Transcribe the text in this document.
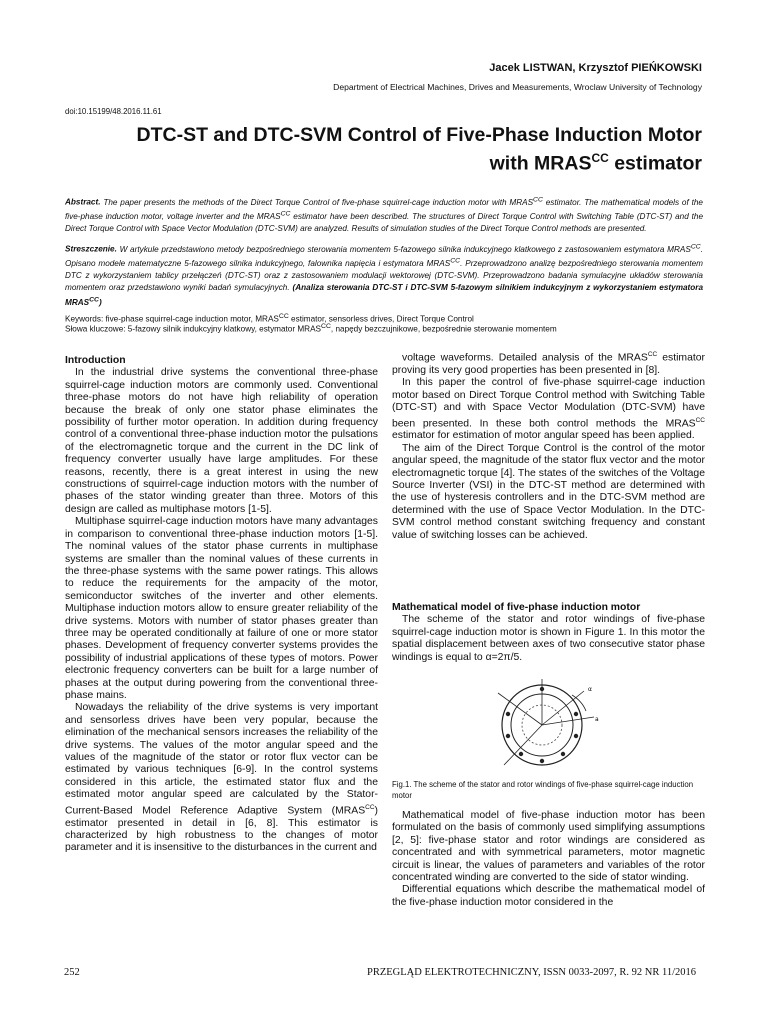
Jacek LISTWAN, Krzysztof PIEŃKOWSKI
Department of Electrical Machines, Drives and Measurements, Wroclaw University of Technology
doi:10.15199/48.2016.11.61
DTC-ST and DTC-SVM Control of Five-Phase Induction Motor
with $MRAS^{CC}$ estimator
Abstract. The paper presents the methods of the Direct Torque Control of five-phase squirrel-cage induction motor with $MRAS^{CC}$ estimator. The mathematical models of the five-phase induction motor, voltage inverter and the $MRAS^{CC}$ estimator have been described. The structures of Direct Torque Control with Switching Table (DTC-ST) and the Direct Torque Control with Space Vector Modulation (DTC-SVM) are analyzed. Results of simulation studies of the Direct Torque Control methods are presented.
Streszczenie. W artykule przedstawiono metody bezpośredniego sterowania momentem 5-fazowego silnika indukcyjnego klatkowego z zastosowaniem estymatora $MRAS^{CC}$. Opisano modele matematyczne 5-fazowego silnika indukcyjnego, falownika napięcia i estymatora $MRAS^{CC}$. Przeprowadzono analizę bezpośredniego sterowania momentem DTC z wykorzystaniem tablicy przełączeń (DTC-ST) oraz z zastosowaniem modulacji wektorowej (DTC-SVM). Przeprowadzono badania symulacyjne układów sterowania momentem oraz przedstawiono wyniki badań symulacyjnych. (Analiza sterowania DTC-ST i DTC-SVM 5-fazowym silnikiem indukcyjnym z wykorzystaniem estymatora $MRAS^{CC}$)
Keywords: five-phase squirrel-cage induction motor, $MRAS^{CC}$ estimator, sensorless drives, Direct Torque Control
Słowa kluczowe: 5-fazowy silnik indukcyjny klatkowy, estymator $MRAS^{CC}$, napędy bezczujnikowe, bezpośrednie sterowanie momentem
Introduction

In the industrial drive systems the conventional three-phase squirrel-cage induction motors are commonly used. Conventional three-phase motors do not have high reliability of operation because the break of only one stator phase eliminates the possibility of further motor operation. In addition during frequency control of a conventional three-phase induction motor the pulsations of the electromagnetic torque and the current in the DC link of frequency converter usually have large amplitudes. For these reasons, recently, there is a great interest in using the new constructions of squirrel-cage induction motors with the number of phases of the stator winding greater than three. Motors of this design are called as multiphase motors [1-5].

Multiphase squirrel-cage induction motors have many advantages in comparison to conventional three-phase induction motors [1-5]. The nominal values of the stator phase currents in multiphase systems are smaller than the nominal values of these currents in the three-phase systems with the same power ratings. This allows to reduce the requirements for the ampacity of the motor, semiconductor switches of the inverter and other elements. Multiphase induction motors allow to ensure greater reliability of the drive systems. Motors with number of stator phases greater than three may be operated conditionally at failure of one or more stator phases. Development of frequency converter systems provides the possibility of industrial applications of these types of motors. Power electronic frequency converters can be built for a large number of phases at the output during powering from the conventional three-phase mains.

Nowadays the reliability of the drive systems is very important and sensorless drives have been very popular, because the elimination of the mechanical sensors increases the reliability of the drive systems. The values of the motor angular speed and the values of the magnitude of the stator or rotor flux vector can be estimated by various techniques [6-9]. In the control systems considered in this article, the estimated stator flux and the estimated motor angular speed are calculated by the Stator-Current-Based Model Reference Adaptive System $(MRAS^{CC})$ estimator presented in detail in [6, 8]. This estimator is characterized by high robustness to the changes of motor parameter and it is insensitive to the disturbances in the current and

voltage waveforms. Detailed analysis of the $MRAS^{CC}$ estimator proving its very good properties has been presented in [8].

In this paper the control of five-phase squirrel-cage induction motor based on Direct Torque Control method with Switching Table (DTC-ST) and with Space Vector Modulation (DTC-SVM) have been presented. In these both control methods the $MRAS^{CC}$ estimator for estimation of motor angular speed has been applied.

The aim of the Direct Torque Control is the control of the motor angular speed, the magnitude of the stator flux vector and the motor electromagnetic torque [4]. The states of the switches of the Voltage Source Inverter (VSI) in the DTC-ST method are determined with the use of hysteresis controllers and in the DTC-SVM method are determined with the use of Space Vector Modulation. In the DTC-SVM control method constant switching frequency and constant value of switching losses can be achieved.

Mathematical model of five-phase induction motor

The scheme of the stator and rotor windings of five-phase squirrel-cage induction motor is shown in Figure 1. In this motor the spatial displacement between axes of two consecutive stator phase windings is equal to α=2π/5.

α
a
Fig.1. The scheme of the stator and rotor windings of five-phase squirrel-cage induction motor

Mathematical model of five-phase induction motor has been formulated on the basis of commonly used simplifying assumptions [2, 5]: five-phase stator and rotor windings are considered as concentrated and with symmetrical parameters, motor magnetic circuit is linear, the values of parameters and variables of the rotor concentrated winding are converted to the side of stator winding.

Differential equations which describe the mathematical model of the five-phase induction motor considered in the

252	PRZEGLĄD ELEKTROTECHNICZNY, ISSN 0033-2097, R. 92 NR 11/2016
